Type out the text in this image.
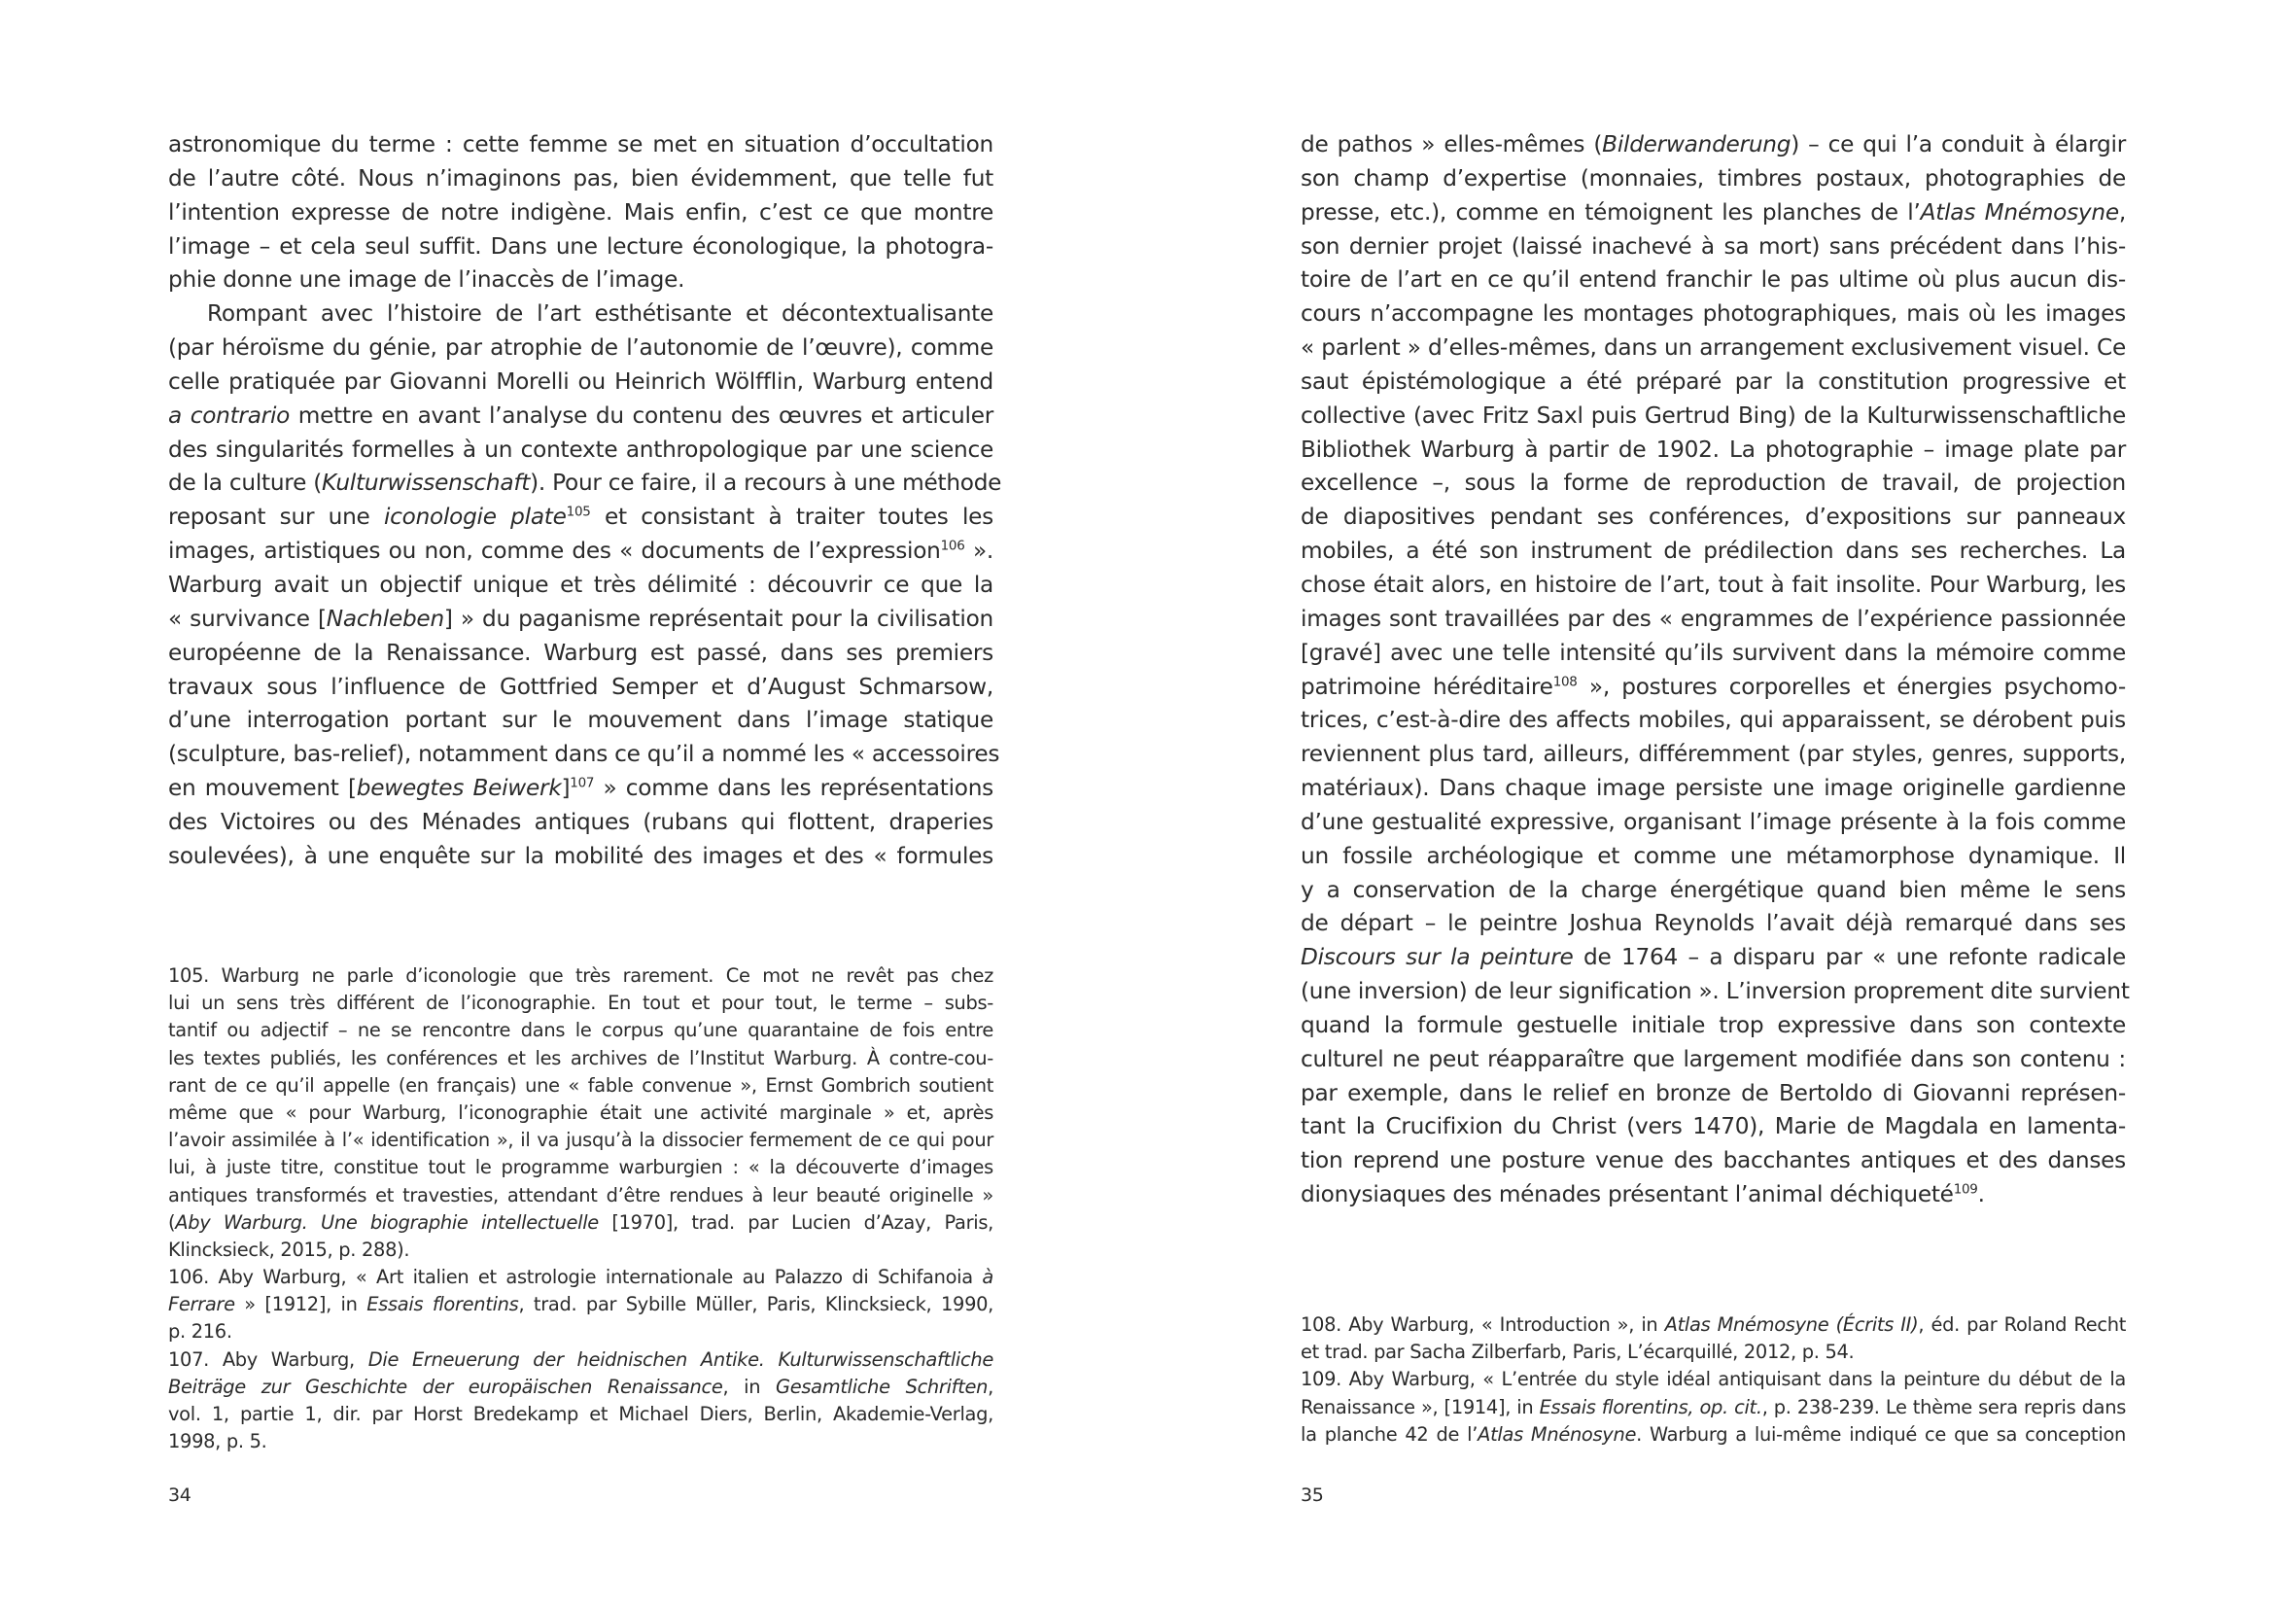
astronomique du terme : cette femme se met en situation d’occultation
de l’autre côté. Nous n’imaginons pas, bien évidemment, que telle fut
l’intention expresse de notre indigène. Mais enfin, c’est ce que montre
l’image – et cela seul suffit. Dans une lecture éconologique, la photogra-
phie donne une image de l’inaccès de l’image.
Rompant avec l’histoire de l’art esthétisante et décontextualisante
(par héroïsme du génie, par atrophie de l’autonomie de l’œuvre), comme
celle pratiquée par Giovanni Morelli ou Heinrich Wölfflin, Warburg entend
a contrario mettre en avant l’analyse du contenu des œuvres et articuler
des singularités formelles à un contexte anthropologique par une science
de la culture (Kulturwissenschaft). Pour ce faire, il a recours à une méthode
reposant sur une iconologie plate$^{105}$ et consistant à traiter toutes les
images, artistiques ou non, comme des « documents de l’expression$^{106}$ ».
Warburg avait un objectif unique et très délimité : découvrir ce que la
« survivance [Nachleben] » du paganisme représentait pour la civilisation
européenne de la Renaissance. Warburg est passé, dans ses premiers
travaux sous l’influence de Gottfried Semper et d’August Schmarsow,
d’une interrogation portant sur le mouvement dans l’image statique
(sculpture, bas-relief), notamment dans ce qu’il a nommé les « accessoires
en mouvement [bewegtes Beiwerk]$^{107}$ » comme dans les représentations
des Victoires ou des Ménades antiques (rubans qui flottent, draperies
soulevées), à une enquête sur la mobilité des images et des « formules
105. Warburg ne parle d’iconologie que très rarement. Ce mot ne revêt pas chez
lui un sens très différent de l’iconographie. En tout et pour tout, le terme – subs-
tantif ou adjectif – ne se rencontre dans le corpus qu’une quarantaine de fois entre
les textes publiés, les conférences et les archives de l’Institut Warburg. À contre-cou-
rant de ce qu’il appelle (en français) une « fable convenue », Ernst Gombrich soutient
même que « pour Warburg, l’iconographie était une activité marginale » et, après
l’avoir assimilée à l’« identification », il va jusqu’à la dissocier fermement de ce qui pour
lui, à juste titre, constitue tout le programme warburgien : « la découverte d’images
antiques transformés et travesties, attendant d’être rendues à leur beauté originelle »
(Aby Warburg. Une biographie intellectuelle [1970], trad. par Lucien d’Azay, Paris,
Klincksieck, 2015, p. 288).
106. Aby Warburg, « Art italien et astrologie internationale au Palazzo di Schifanoia à
Ferrare » [1912], in Essais florentins, trad. par Sybille Müller, Paris, Klincksieck, 1990,
p. 216.
107. Aby Warburg, Die Erneuerung der heidnischen Antike. Kulturwissenschaftliche
Beiträge zur Geschichte der europäischen Renaissance, in Gesamtliche Schriften,
vol. 1, partie 1, dir. par Horst Bredekamp et Michael Diers, Berlin, Akademie-Verlag,
1998, p. 5.
34
de pathos » elles-mêmes (Bilderwanderung) – ce qui l’a conduit à élargir
son champ d’expertise (monnaies, timbres postaux, photographies de
presse, etc.), comme en témoignent les planches de l’Atlas Mnémosyne,
son dernier projet (laissé inachevé à sa mort) sans précédent dans l’his-
toire de l’art en ce qu’il entend franchir le pas ultime où plus aucun dis-
cours n’accompagne les montages photographiques, mais où les images
« parlent » d’elles-mêmes, dans un arrangement exclusivement visuel. Ce
saut épistémologique a été préparé par la constitution progressive et
collective (avec Fritz Saxl puis Gertrud Bing) de la Kulturwissenschaftliche
Bibliothek Warburg à partir de 1902. La photographie – image plate par
excellence –, sous la forme de reproduction de travail, de projection
de diapositives pendant ses conférences, d’expositions sur panneaux
mobiles, a été son instrument de prédilection dans ses recherches. La
chose était alors, en histoire de l’art, tout à fait insolite. Pour Warburg, les
images sont travaillées par des « engrammes de l’expérience passionnée
[gravé] avec une telle intensité qu’ils survivent dans la mémoire comme
patrimoine héréditaire$^{108}$ », postures corporelles et énergies psychomo-
trices, c’est-à-dire des affects mobiles, qui apparaissent, se dérobent puis
reviennent plus tard, ailleurs, différemment (par styles, genres, supports,
matériaux). Dans chaque image persiste une image originelle gardienne
d’une gestualité expressive, organisant l’image présente à la fois comme
un fossile archéologique et comme une métamorphose dynamique. Il
y a conservation de la charge énergétique quand bien même le sens
de départ – le peintre Joshua Reynolds l’avait déjà remarqué dans ses
Discours sur la peinture de 1764 – a disparu par « une refonte radicale
(une inversion) de leur signification ». L’inversion proprement dite survient
quand la formule gestuelle initiale trop expressive dans son contexte
culturel ne peut réapparaître que largement modifiée dans son contenu :
par exemple, dans le relief en bronze de Bertoldo di Giovanni représen-
tant la Crucifixion du Christ (vers 1470), Marie de Magdala en lamenta-
tion reprend une posture venue des bacchantes antiques et des danses
dionysiaques des ménades présentant l’animal déchiqueté$^{109}$.
108. Aby Warburg, « Introduction », in Atlas Mnémosyne (Écrits II), éd. par Roland Recht
et trad. par Sacha Zilberfarb, Paris, L’écarquillé, 2012, p. 54.
109. Aby Warburg, « L’entrée du style idéal antiquisant dans la peinture du début de la
Renaissance », [1914], in Essais florentins, op. cit., p. 238-239. Le thème sera repris dans
la planche 42 de l’Atlas Mnénosyne. Warburg a lui-même indiqué ce que sa conception
35
